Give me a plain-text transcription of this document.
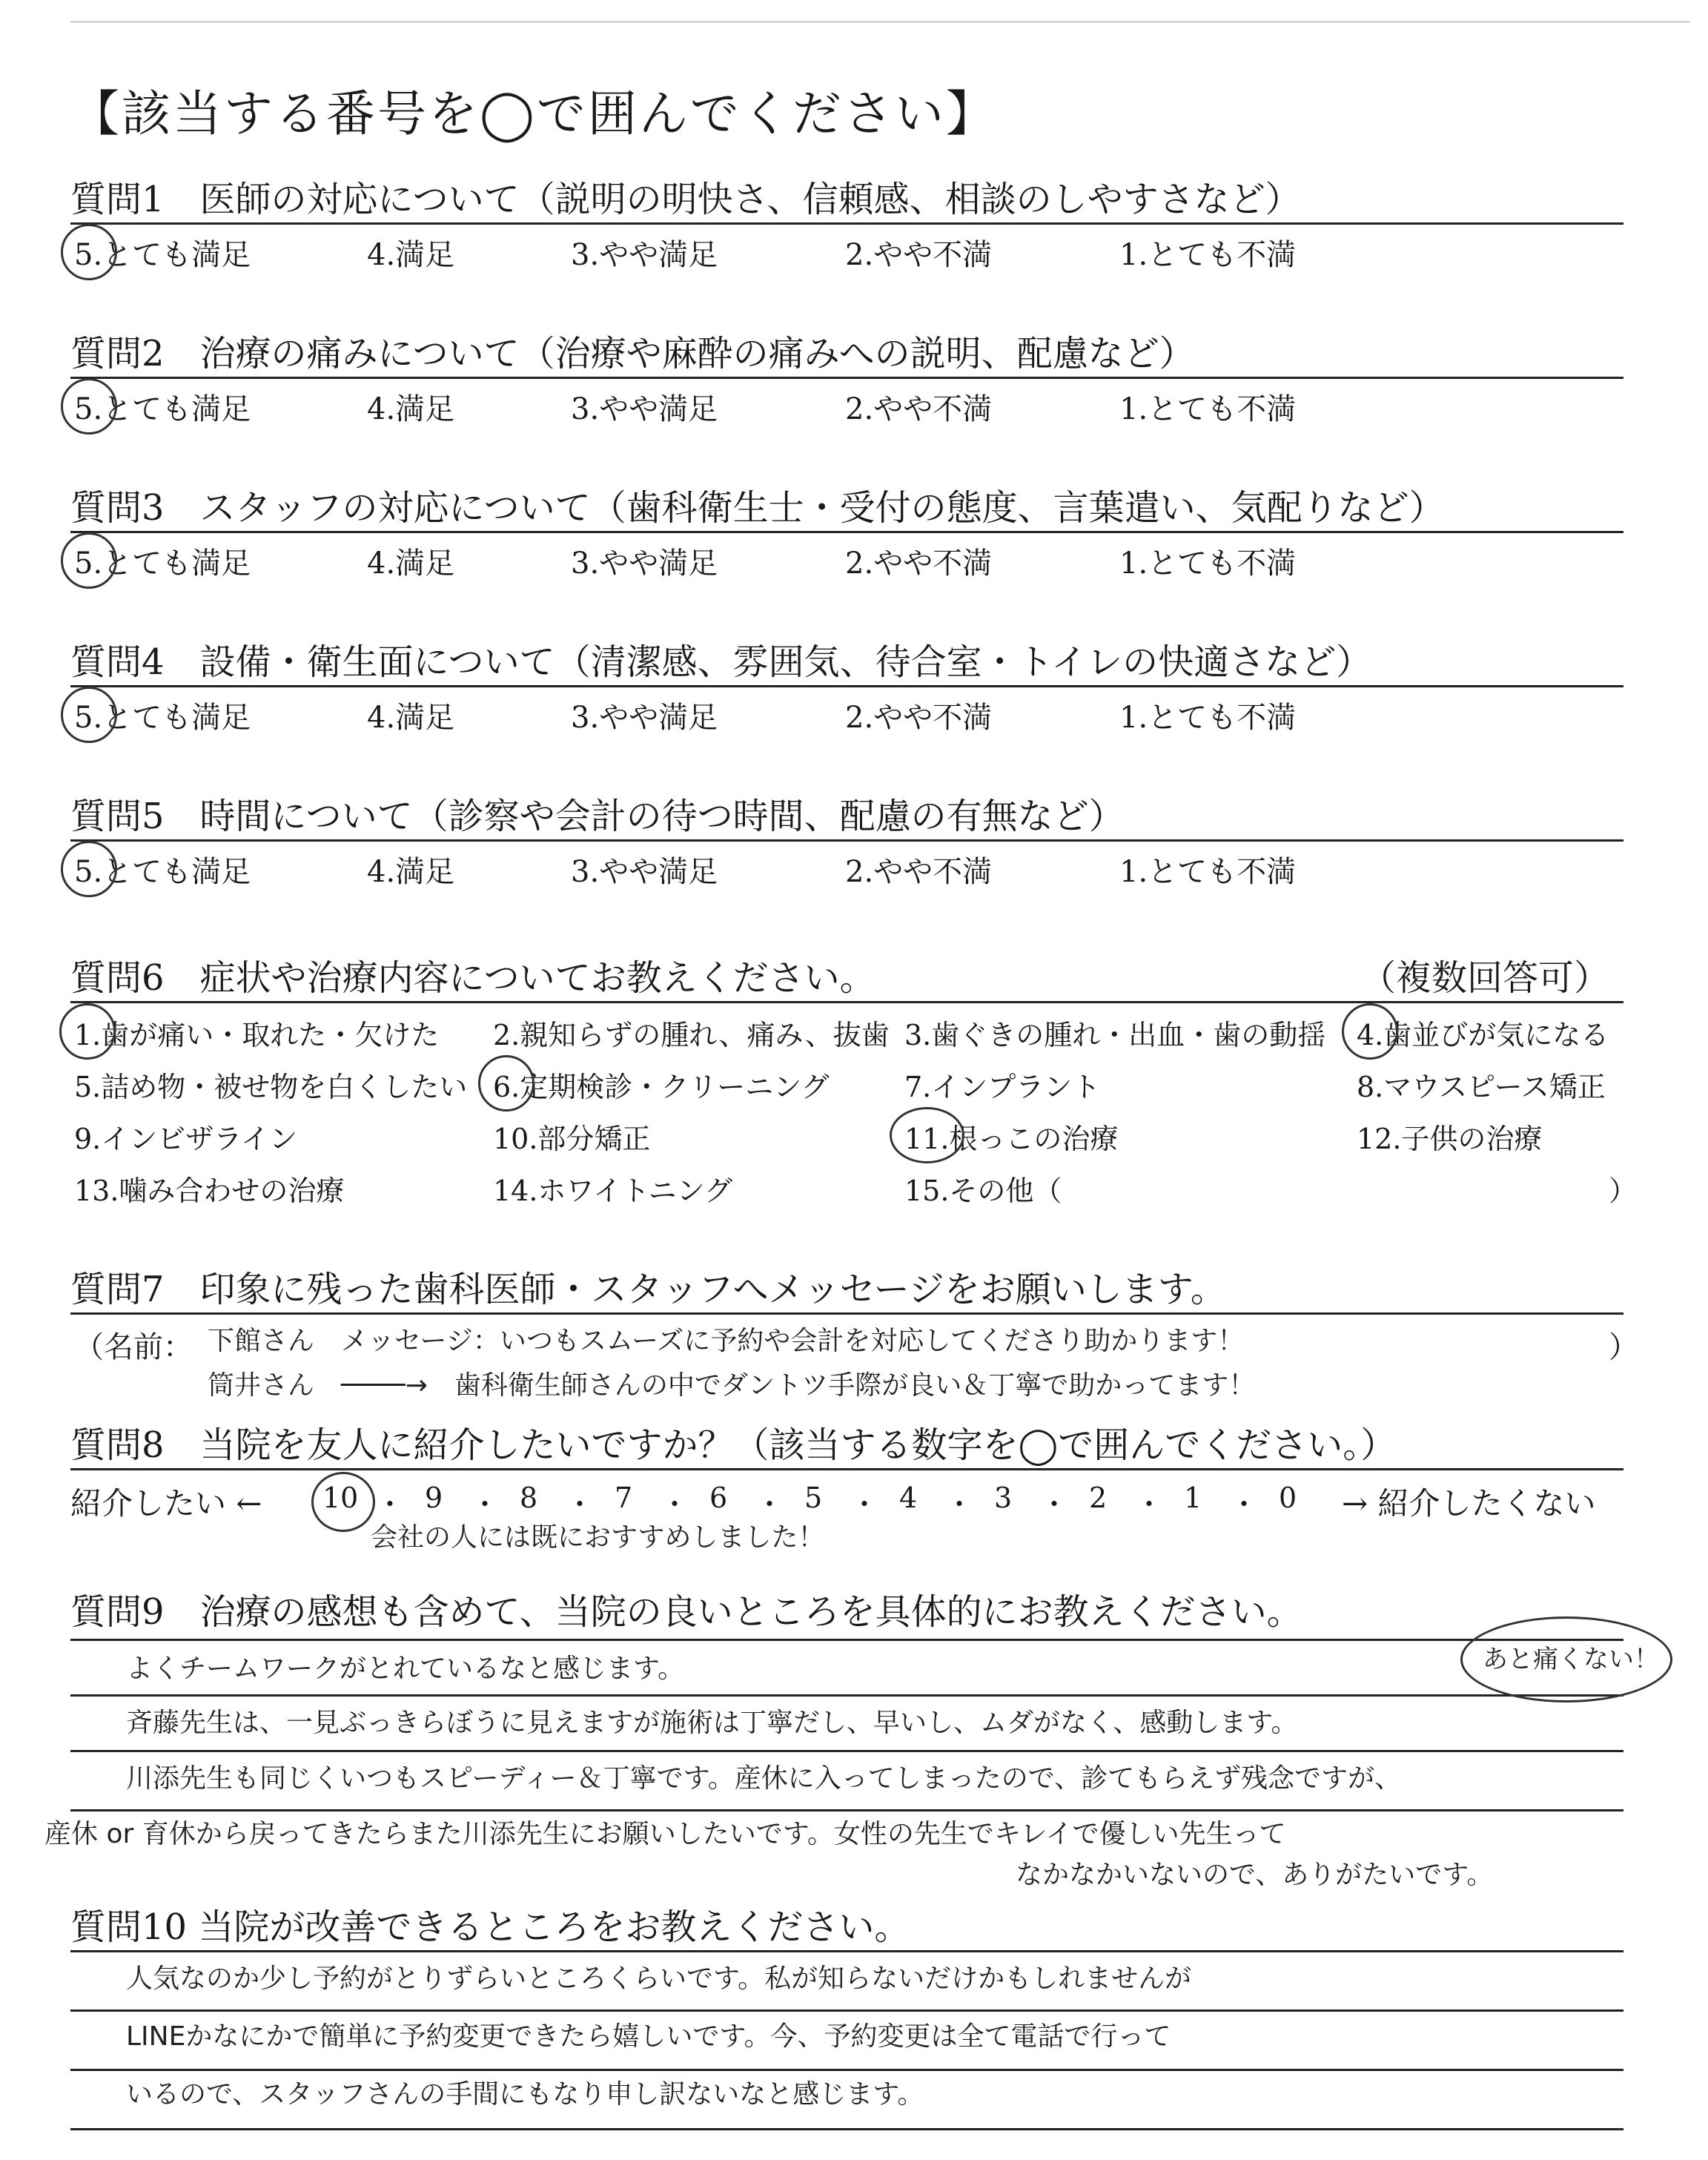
【該当する番号を◯で囲んでください】
質問1　医師の対応について（説明の明快さ、信頼感、相談のしやすさなど）
5.とても満足	4.満足	3.やや満足	2.やや不満	1.とても不満
質問2　治療の痛みについて（治療や麻酔の痛みへの説明、配慮など）
5.とても満足	4.満足	3.やや満足	2.やや不満	1.とても不満
質問3　スタッフの対応について（歯科衛生士・受付の態度、言葉遣い、気配りなど）
5.とても満足	4.満足	3.やや満足	2.やや不満	1.とても不満
質問4　設備・衛生面について（清潔感、雰囲気、待合室・トイレの快適さなど）
5.とても満足	4.満足	3.やや満足	2.やや不満	1.とても不満
質問5　時間について（診察や会計の待つ時間、配慮の有無など）
5.とても満足	4.満足	3.やや満足	2.やや不満	1.とても不満
質問6　症状や治療内容についてお教えください。	（複数回答可）
1.歯が痛い・取れた・欠けた 2.親知らずの腫れ、痛み、抜歯 3.歯ぐきの腫れ・出血・歯の動揺 4.歯並びが気になる
5.詰め物・被せ物を白くしたい 6.定期検診・クリーニング	7.インプラント	8.マウスピース矯正
9.インビザライン	10.部分矯正	11.根っこの治療	12.子供の治療
13.噛み合わせの治療	14.ホワイトニング	15.その他（	）
質問7　印象に残った歯科医師・スタッフへメッセージをお願いします。
（名前：	）
下館さん　メッセージ：いつもスムーズに予約や会計を対応してくださり助かります！
筒井さん　────→　歯科衛生師さんの中でダントツ手際が良い＆丁寧で助かってます！
質問8　当院を友人に紹介したいですか？（該当する数字を◯で囲んでください。）
紹介したい ←	→ 紹介したくない
10 ・ 9 ・ 8 ・ 7 ・ 6 ・ 5 ・ 4 ・ 3 ・ 2 ・ 1 ・ 0
会社の人には既におすすめしました！
質問9　治療の感想も含めて、当院の良いところを具体的にお教えください。
よくチームワークがとれているなと感じます。
斉藤先生は、一見ぶっきらぼうに見えますが施術は丁寧だし、早いし、ムダがなく、感動します。
川添先生も同じくいつもスピーディー＆丁寧です。産休に入ってしまったので、診てもらえず残念ですが、
産休 or 育休から戻ってきたらまた川添先生にお願いしたいです。女性の先生でキレイで優しい先生って
なかなかいないので、ありがたいです。
あと痛くない！
質問10 当院が改善できるところをお教えください。
人気なのか少し予約がとりずらいところくらいです。私が知らないだけかもしれませんが
LINEかなにかで簡単に予約変更できたら嬉しいです。今、予約変更は全て電話で行って
いるので、スタッフさんの手間にもなり申し訳ないなと感じます。
